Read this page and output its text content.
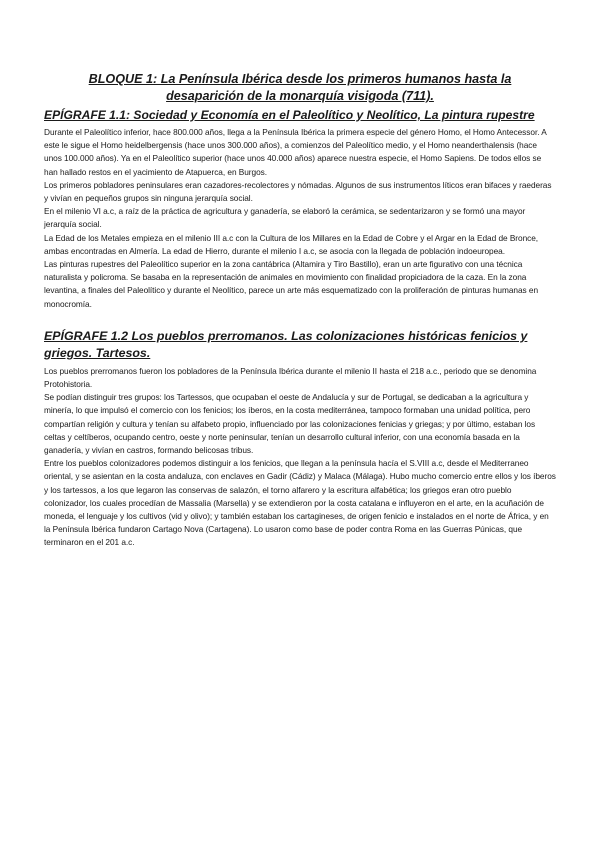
BLOQUE 1: La Península Ibérica desde los primeros humanos hasta la desaparición de la monarquía visigoda (711).
EPÍGRAFE 1.1: Sociedad y Economía en el Paleolítico y Neolítico, La pintura rupestre

Durante el Paleolítico inferior, hace 800.000 años, llega a la Península Ibérica la primera especie del género Homo, el Homo Antecessor. A este le sigue el Homo heidelbergensis (hace unos 300.000 años), a comienzos del Paleolítico medio, y el Homo neanderthalensis (hace unos 100.000 años). Ya en el Paleolítico superior (hace unos 40.000 años) aparece nuestra especie, el Homo Sapiens. De todos ellos se han hallado restos en el yacimiento de Atapuerca, en Burgos.

Los primeros pobladores peninsulares eran cazadores-recolectores y nómadas. Algunos de sus instrumentos líticos eran bifaces y raederas y vivían en pequeños grupos sin ninguna jerarquía social.

En el milenio VI a.c, a raíz de la práctica de agricultura y ganadería, se elaboró la cerámica, se sedentarizaron y se formó una mayor jerarquía social.

La Edad de los Metales empieza en el milenio III a.c con la Cultura de los Millares en la Edad de Cobre y el Argar en la Edad de Bronce, ambas encontradas en Almería. La edad de Hierro, durante el milenio I a.c, se asocia con la llegada de población indoeuropea.

Las pinturas rupestres del Paleolítico superior en la zona cantábrica (Altamira y Tiro Bastillo), eran un arte figurativo con una técnica naturalista y policroma. Se basaba en la representación de animales en movimiento con finalidad propiciadora de la caza. En la zona levantina, a finales del Paleolítico y durante el Neolítico, parece un arte más esquematizado con la proliferación de pinturas humanas en monocromía.

EPÍGRAFE 1.2 Los pueblos prerromanos. Las colonizaciones históricas fenicios y griegos. Tartesos.

Los pueblos prerromanos fueron los pobladores de la Península Ibérica durante el milenio II hasta el 218 a.c., periodo que se denomina Protohistoria.

Se podían distinguir tres grupos: los Tartessos, que ocupaban el oeste de Andalucía y sur de Portugal, se dedicaban a la agricultura y minería, lo que impulsó el comercio con los fenicios; los íberos, en la costa mediterránea, tampoco formaban una unidad política, pero compartían religión y cultura y tenían su alfabeto propio, influenciado por las colonizaciones fenicias y griegas; y por último, estaban los celtas y celtíberos, ocupando centro, oeste y norte peninsular, tenían un desarrollo cultural inferior, con una economía basada en la ganadería, y vivían en castros, formando belicosas tribus.

Entre los pueblos colonizadores podemos distinguir a los fenicios, que llegan a la península hacía el S.VIII a.c, desde el Mediterraneo oriental, y se asientan en la costa andaluza, con enclaves en Gadir (Cádiz) y Malaca (Málaga). Hubo mucho comercio entre ellos y los íberos y los tartessos, a los que legaron las conservas de salazón, el torno alfarero y la escritura alfabética; los griegos eran otro pueblo colonizador, los cuales procedían de Massalia (Marsella) y se extendieron por la costa catalana e influyeron en el arte, en la acuñación de moneda, el lenguaje y los cultivos (vid y olivo); y también estaban los cartagineses, de origen fenicio e instalados en el norte de África, y en la Península Ibérica fundaron Cartago Nova (Cartagena). Lo usaron como base de poder contra Roma en las Guerras Púnicas, que terminaron en el 201 a.c.
